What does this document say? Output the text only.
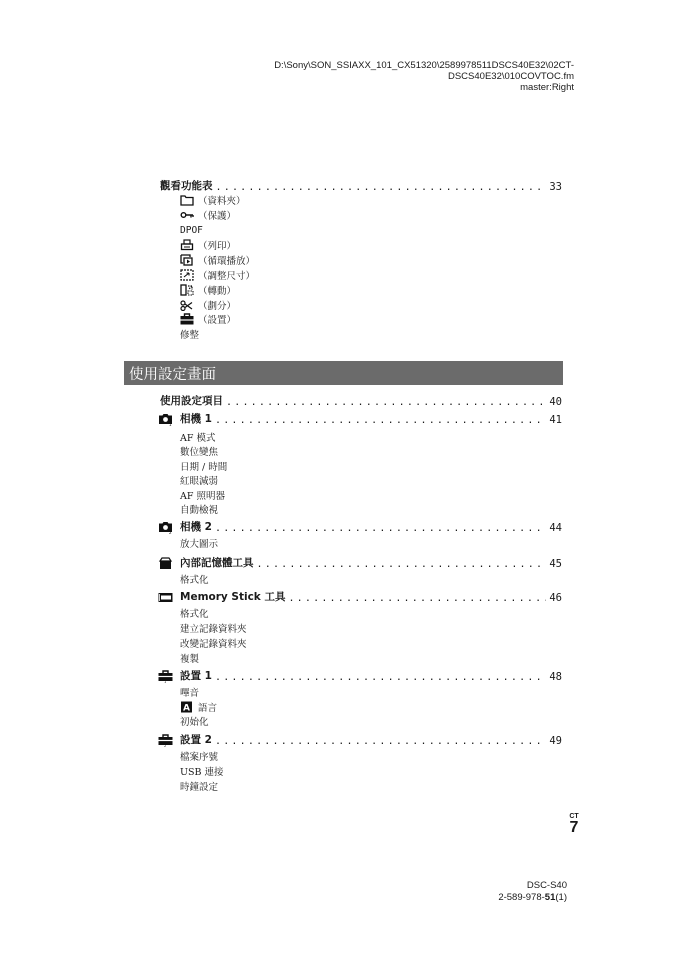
D:\Sony\SON_SSIAXX_101_CX51320\2589978511DSCS40E32\02CT-
DSCS40E32\010COVTOC.fm
master:Right
觀看功能表 .....	33
（資料夾）
（保護）
DPOF
（列印）
（循環播放）
（調整尺寸）
（轉動）
（劃分）
（設置）
修整
使用設定畫面
使用設定項目 .....	40
1 相機 1 .....	41
AF 模式
數位變焦
日期 / 時間
紅眼減弱
AF 照明器
自動檢視
2 相機 2 .....	44
放大圖示
內部記憶體工具 .....	45
格式化
Memory Stick 工具 .....	46
格式化
建立記錄資料夾
改變記錄資料夾
複製
1 設置 1 .....	48
嗶音
A 語言
初始化
2 設置 2 .....	49
檔案序號
USB 連接
時鐘設定
CT
7
DSC-S40
2-589-978-51(1)
